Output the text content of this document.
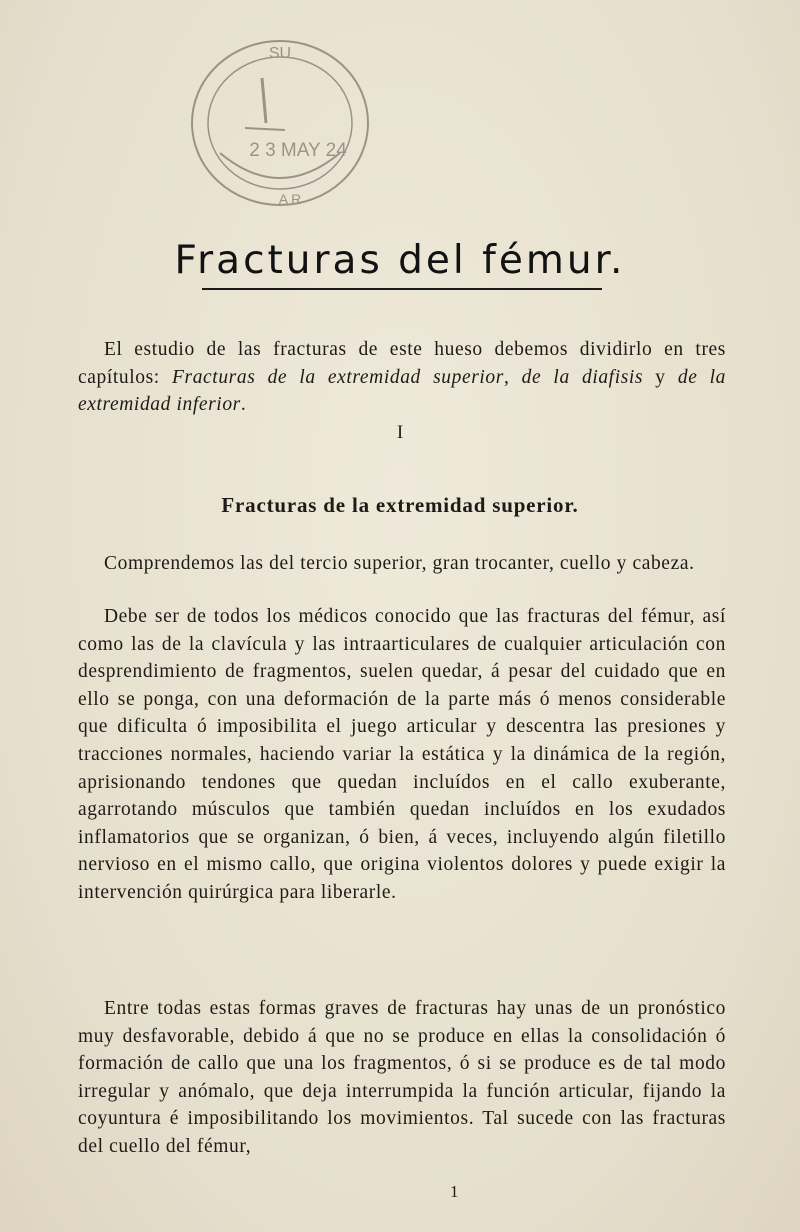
SU
2 3 MAY 24
A R
Fracturas del fémur.

El estudio de las fracturas de este hueso debemos dividirlo en tres capítulos: Fracturas de la extremidad superior, de la diafisis y de la extremidad inferior.

I
Fracturas de la extremidad superior.

Comprendemos las del tercio superior, gran trocanter, cuello y cabeza.

Debe ser de todos los médicos conocido que las fracturas del fémur, así como las de la clavícula y las intraarticulares de cualquier articulación con desprendimiento de fragmentos, suelen quedar, á pesar del cuidado que en ello se ponga, con una deformación de la parte más ó menos considerable que dificulta ó imposibilita el juego articular y descentra las presiones y tracciones normales, haciendo variar la estática y la dinámica de la región, aprisionando tendones que quedan incluídos en el callo exuberante, agarrotando músculos que también quedan incluídos en los exudados inflamatorios que se organizan, ó bien, á veces, incluyendo algún filetillo nervioso en el mismo callo, que origina violentos dolores y puede exigir la intervención quirúrgica para liberarle.

Entre todas estas formas graves de fracturas hay unas de un pronóstico muy desfavorable, debido á que no se produce en ellas la consolidación ó formación de callo que una los fragmentos, ó si se produce es de tal modo irregular y anómalo, que deja interrumpida la función articular, fijando la coyuntura é imposibilitando los movimientos. Tal sucede con las fracturas del cuello del fémur,

1
